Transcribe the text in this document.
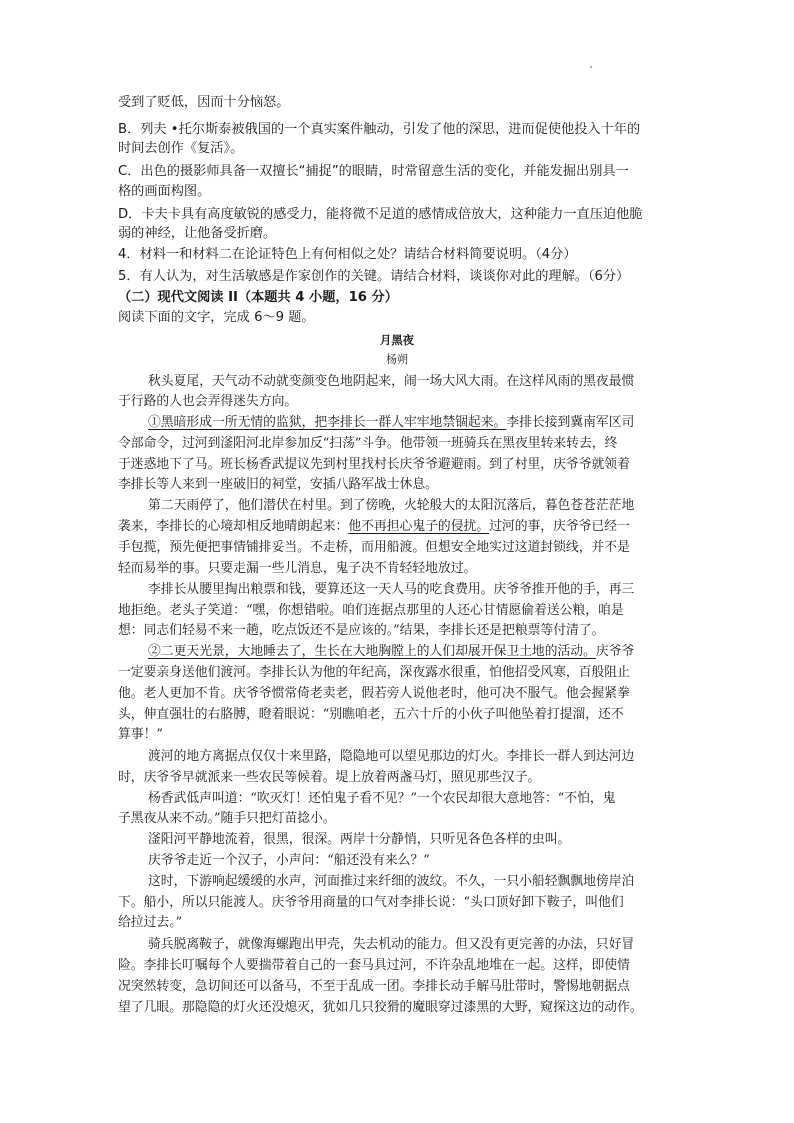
受到了贬低，因而十分恼怒。
B．列夫 •托尔斯泰被俄国的一个真实案件触动，引发了他的深思，进而促使他投入十年的
时间去创作《复活》。
C．出色的摄影师具备一双擅长“捕捉”的眼睛，时常留意生活的变化，并能发掘出别具一
格的画面构图。
D．卡夫卡具有高度敏锐的感受力，能将微不足道的感情成倍放大，这种能力一直压迫他脆
弱的神经，让他备受折磨。
4．材料一和材料二在论证特色上有何相似之处？请结合材料简要说明。（4分）
5．有人认为，对生活敏感是作家创作的关键。请结合材料，谈谈你对此的理解。（6分）
（二）现代文阅读 II（本题共 4 小题，16 分）
阅读下面的文字，完成 6～9 题。
月黑夜
杨朔
秋头夏尾，天气动不动就变颜变色地阴起来，闹一场大风大雨。在这样风雨的黑夜最惯
于行路的人也会弄得迷失方向。
①黑暗形成一所无情的监狱，把李排长一群人牢牢地禁锢起来。李排长接到冀南军区司
令部命令，过河到滏阳河北岸参加反“扫荡”斗争。他带领一班骑兵在黑夜里转来转去，终
于迷惑地下了马。班长杨香武提议先到村里找村长庆爷爷避避雨。到了村里，庆爷爷就领着
李排长等人来到一座破旧的祠堂，安插八路军战士休息。
第二天雨停了，他们潜伏在村里。到了傍晚，火轮般大的太阳沉落后，暮色苍苍茫茫地
袭来，李排长的心境却相反地晴朗起来：他不再担心鬼子的侵扰。过河的事，庆爷爷已经一
手包揽，预先便把事情铺排妥当。不走桥，而用船渡。但想安全地实过这道封锁线，并不是
轻而易举的事。只要走漏一些儿消息，鬼子决不肯轻轻地放过。
李排长从腰里掏出粮票和钱，要算还这一天人马的吃食费用。庆爷爷推开他的手，再三
地拒绝。老头子笑道：“嘿，你想错啦。咱们连据点那里的人还心甘情愿偷着送公粮，咱是
想：同志们轻易不来一趟，吃点饭还不是应该的。”结果，李排长还是把粮票等付清了。
②二更天光景，大地睡去了，生长在大地胸膛上的人们却展开保卫土地的活动。庆爷爷
一定要亲身送他们渡河。李排长认为他的年纪高，深夜露水很重，怕他招受风寒，百般阻止
他。老人更加不肯。庆爷爷惯常倚老卖老，假若旁人说他老时，他可决不服气。他会握紧拳
头，伸直强壮的右胳膊，瞪着眼说：“别瞧咱老，五六十斤的小伙子叫他坠着打提溜，还不
算事！”
渡河的地方离据点仅仅十来里路，隐隐地可以望见那边的灯火。李排长一群人到达河边
时，庆爷爷早就派来一些农民等候着。堤上放着两盏马灯，照见那些汉子。
杨香武低声叫道：“吹灭灯！还怕鬼子看不见？”一个农民却很大意地答：“不怕，鬼
子黑夜从来不动。”随手只把灯苗捻小。
滏阳河平静地流着，很黑，很深。两岸十分静悄，只听见各色各样的虫叫。
庆爷爷走近一个汉子，小声问：“船还没有来么？”
这时，下游响起缓缓的水声，河面推过来纤细的波纹。不久，一只小船轻飘飘地傍岸泊
下。船小，所以只能渡人。庆爷爷用商量的口气对李排长说：“头口顶好卸下鞍子，叫他们
给拉过去。”
骑兵脱离鞍子，就像海螺跑出甲壳，失去机动的能力。但又没有更完善的办法，只好冒
险。李排长叮嘱每个人要揣带着自己的一套马具过河，不许杂乱地堆在一起。这样，即使情
况突然转变，急切间还可以备马，不至于乱成一团。李排长动手解马肚带时，警惕地朝据点
望了几眼。那隐隐的灯火还没熄灭，犹如几只狡猾的魔眼穿过漆黑的大野，窥探这边的动作。
